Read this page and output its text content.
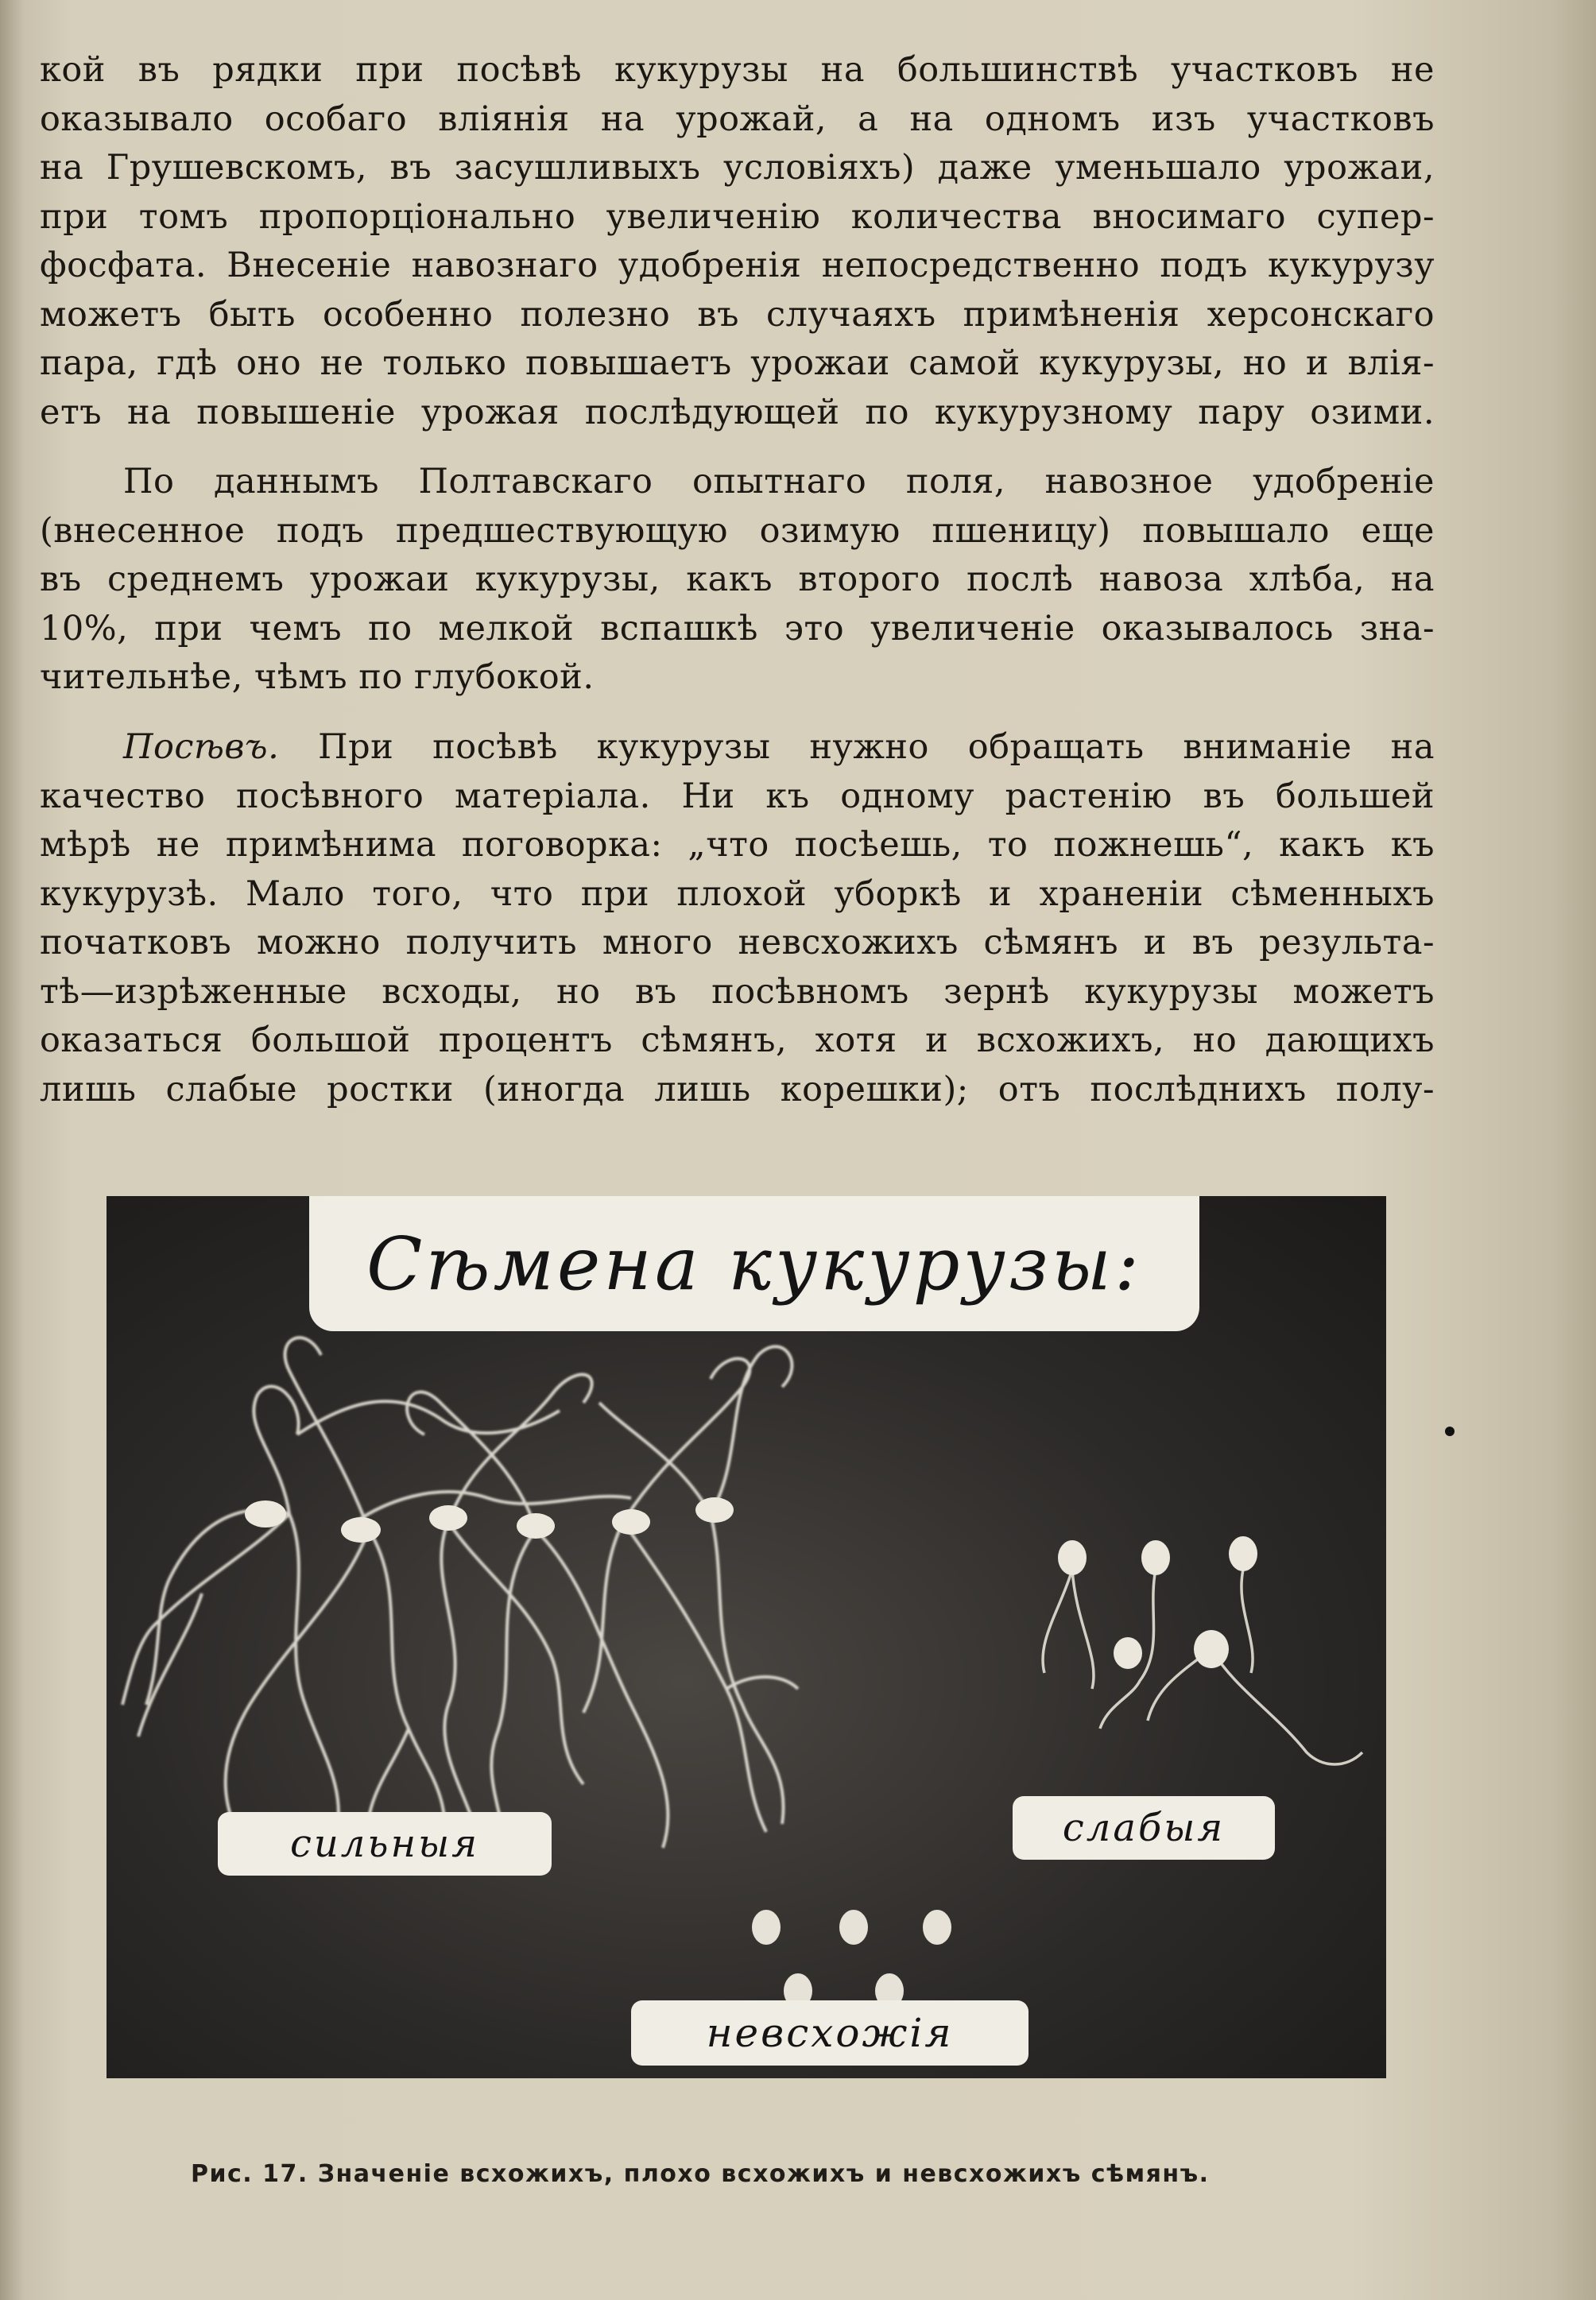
кой въ рядки при посѣвѣ кукурузы на большинствѣ участковъ не
оказывало особаго вліянія на урожай, а на одномъ изъ участковъ
на Грушевскомъ, въ засушливыхъ условіяхъ) даже уменьшало урожаи,
при томъ пропорціонально увеличенію количества вносимаго супер-
фосфата. Внесеніе навознаго удобренія непосредственно подъ кукурузу
можетъ быть особенно полезно въ случаяхъ примѣненія херсонскаго
пара, гдѣ оно не только повышаетъ урожаи самой кукурузы, но и влія-
етъ на повышеніе урожая послѣдующей по кукурузному пару озими.
По даннымъ Полтавскаго опытнаго поля, навозное удобреніе
(внесенное подъ предшествующую озимую пшеницу) повышало еще
въ среднемъ урожаи кукурузы, какъ второго послѣ навоза хлѣба, на
10%, при чемъ по мелкой вспашкѣ это увеличеніе оказывалось зна-
чительнѣе, чѣмъ по глубокой.
Посѣвъ. При посѣвѣ кукурузы нужно обращать вниманіе на
качество посѣвного матеріала. Ни къ одному растенію въ большей
мѣрѣ не примѣнима поговорка: „что посѣешь, то пожнешь“, какъ къ
кукурузѣ. Мало того, что при плохой уборкѣ и храненіи сѣменныхъ
початковъ можно получить много невсхожихъ сѣмянъ и въ результа-
тѣ—изрѣженные всходы, но въ посѣвномъ зернѣ кукурузы можетъ
оказаться большой процентъ сѣмянъ, хотя и всхожихъ, но дающихъ
лишь слабые ростки (иногда лишь корешки); отъ послѣднихъ полу-
Сѣмена кукурузы:
сильныя	слабыя
невсхожія
Рис. 17. Значеніе всхожихъ, плохо всхожихъ и невсхожихъ сѣмянъ.
